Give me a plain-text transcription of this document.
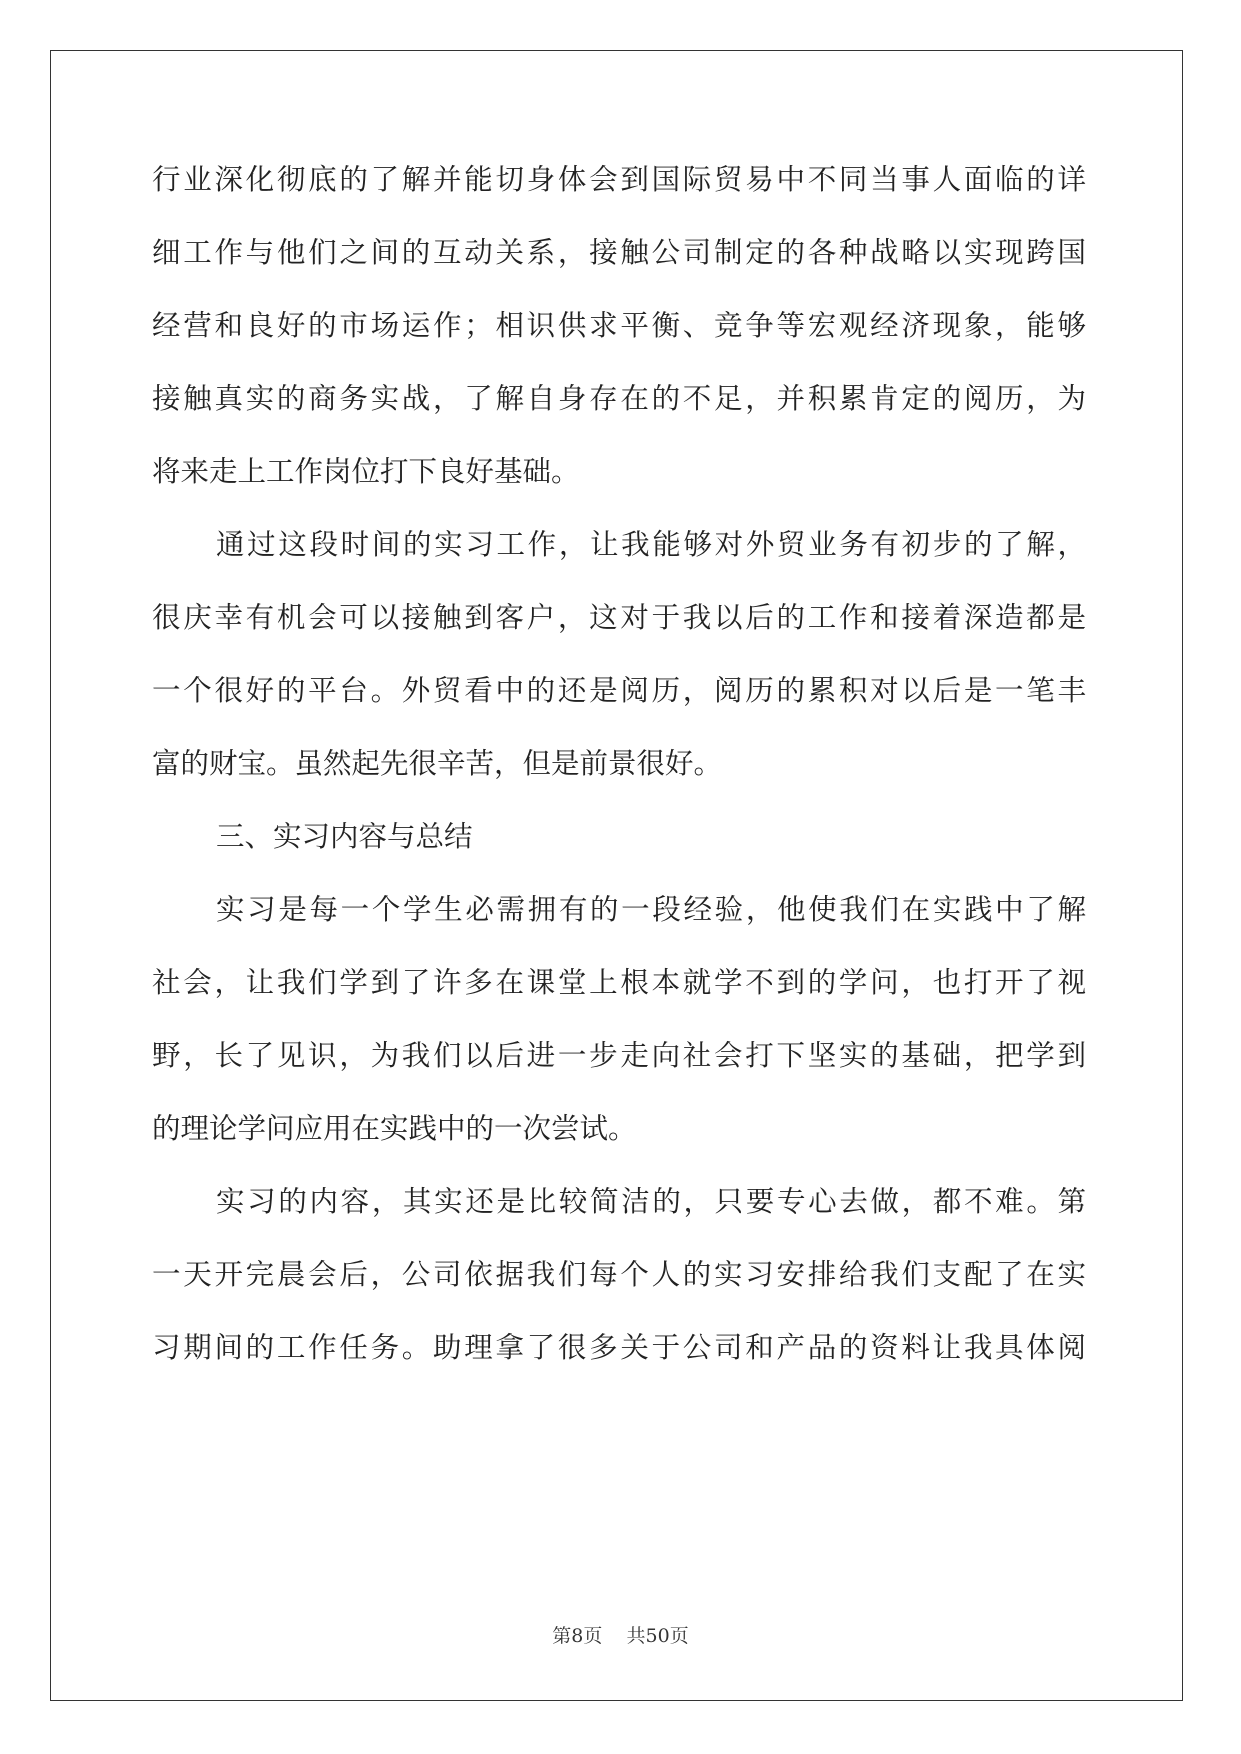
行业深化彻底的了解并能切身体会到国际贸易中不同当事人面临的详
细工作与他们之间的互动关系，接触公司制定的各种战略以实现跨国
经营和良好的市场运作；相识供求平衡、竞争等宏观经济现象，能够
接触真实的商务实战，了解自身存在的不足，并积累肯定的阅历，为
将来走上工作岗位打下良好基础。
通过这段时间的实习工作，让我能够对外贸业务有初步的了解，
很庆幸有机会可以接触到客户，这对于我以后的工作和接着深造都是
一个很好的平台。外贸看中的还是阅历，阅历的累积对以后是一笔丰
富的财宝。虽然起先很辛苦，但是前景很好。
三、实习内容与总结
实习是每一个学生必需拥有的一段经验，他使我们在实践中了解
社会，让我们学到了许多在课堂上根本就学不到的学问，也打开了视
野，长了见识，为我们以后进一步走向社会打下坚实的基础，把学到
的理论学问应用在实践中的一次尝试。
实习的内容，其实还是比较简洁的，只要专心去做，都不难。第
一天开完晨会后，公司依据我们每个人的实习安排给我们支配了在实
习期间的工作任务。助理拿了很多关于公司和产品的资料让我具体阅
第8页 共50页
